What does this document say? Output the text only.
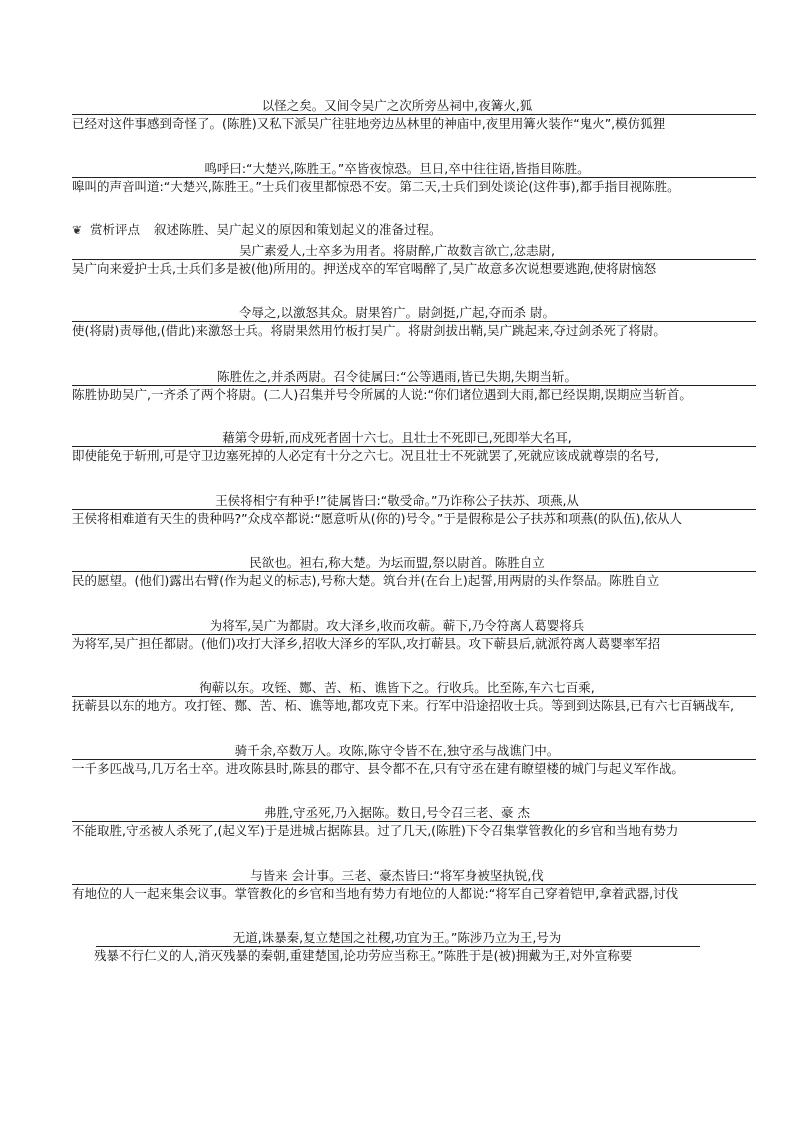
以怪之矣。又间令吴广之次所旁丛祠中,夜篝火,狐
已经对这件事感到奇怪了。(陈胜)又私下派吴广往驻地旁边丛林里的神庙中,夜里用篝火装作“鬼火”,模仿狐狸
鸣呼曰:“大楚兴,陈胜王。”卒皆夜惊恐。旦日,卒中往往语,皆指目陈胜。
嗥叫的声音叫道:“大楚兴,陈胜王。”士兵们夜里都惊恐不安。第二天,士兵们到处谈论(这件事),都手指目视陈胜。
❦ 赏析评点 叙述陈胜、吴广起义的原因和策划起义的准备过程。
吴广素爱人,士卒多为用者。将尉醉,广故数言欲亡,忿恚尉,
吴广向来爱护士兵,士兵们多是被(他)所用的。押送戍卒的军官喝醉了,吴广故意多次说想要逃跑,使将尉恼怒
令辱之,以激怒其众。尉果笞广。尉剑挺,广起,夺而杀 尉。
使(将尉)责辱他,(借此)来激怒士兵。将尉果然用竹板打吴广。将尉剑拔出鞘,吴广跳起来,夺过剑杀死了将尉。
陈胜佐之,并杀两尉。召令徒属曰:“公等遇雨,皆已失期,失期当斩。
陈胜协助吴广,一齐杀了两个将尉。(二人)召集并号令所属的人说:“你们诸位遇到大雨,都已经误期,误期应当斩首。
藉第令毋斩,而戍死者固十六七。且壮士不死即已,死即举大名耳,
即使能免于斩刑,可是守卫边塞死掉的人必定有十分之六七。况且壮士不死就罢了,死就应该成就尊崇的名号,
王侯将相宁有种乎!”徒属皆曰:“敬受命。”乃诈称公子扶苏、项燕,从
王侯将相难道有天生的贵种吗?”众戍卒都说:“愿意听从(你的)号令。”于是假称是公子扶苏和项燕(的队伍),依从人
民欲也。袒右,称大楚。为坛而盟,祭以尉首。陈胜自立
民的愿望。(他们)露出右臂(作为起义的标志),号称大楚。筑台并(在台上)起誓,用两尉的头作祭品。陈胜自立
为将军,吴广为都尉。攻大泽乡,收而攻蕲。蕲下,乃令符离人葛婴将兵
为将军,吴广担任都尉。(他们)攻打大泽乡,招收大泽乡的军队,攻打蕲县。攻下蕲县后,就派符离人葛婴率军招
徇蕲以东。攻铚、酂、苦、柘、谯皆下之。行收兵。比至陈,车六七百乘,
抚蕲县以东的地方。攻打铚、酂、苦、柘、谯等地,都攻克下来。行军中沿途招收士兵。等到到达陈县,已有六七百辆战车,
骑千余,卒数万人。攻陈,陈守令皆不在,独守丞与战谯门中。
一千多匹战马,几万名士卒。进攻陈县时,陈县的郡守、县令都不在,只有守丞在建有瞭望楼的城门与起义军作战。
弗胜,守丞死,乃入据陈。数日,号令召三老、豪 杰
不能取胜,守丞被人杀死了,(起义军)于是进城占据陈县。过了几天,(陈胜)下令召集掌管教化的乡官和当地有势力
与皆来 会计事。三老、豪杰皆曰:“将军身被坚执锐,伐
有地位的人一起来集会议事。掌管教化的乡官和当地有势力有地位的人都说:“将军自己穿着铠甲,拿着武器,讨伐
无道,诛暴秦,复立楚国之社稷,功宜为王。”陈涉乃立为王,号为
残暴不行仁义的人,消灭残暴的秦朝,重建楚国,论功劳应当称王。”陈胜于是(被)拥戴为王,对外宣称要
